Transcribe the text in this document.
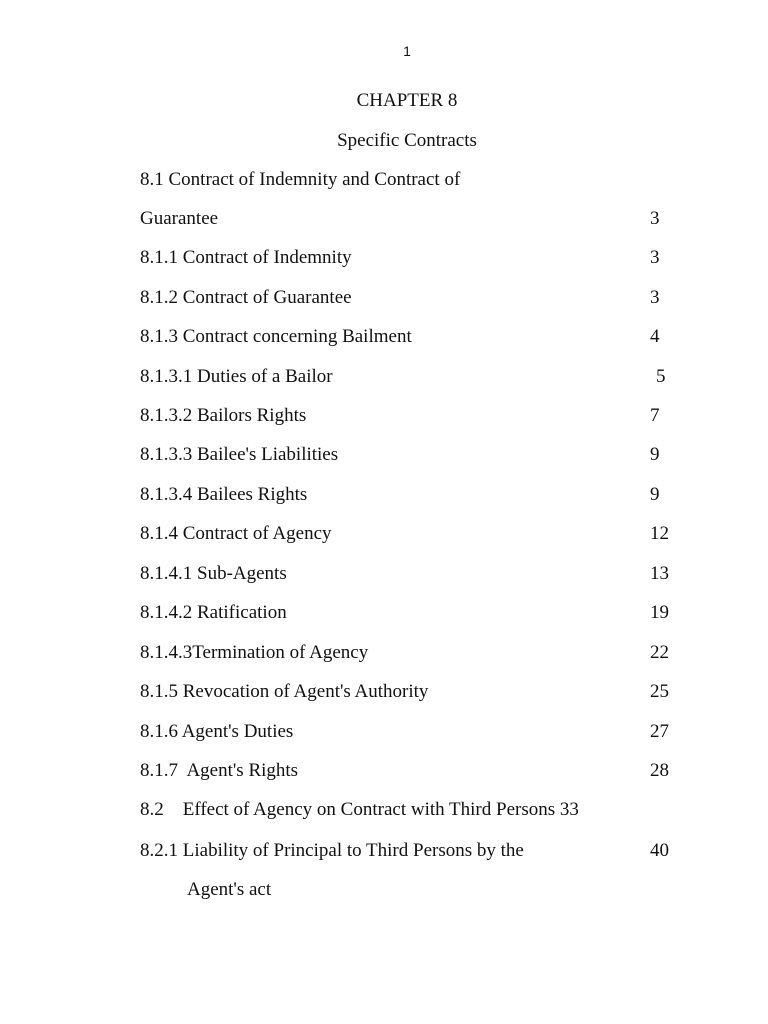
1
CHAPTER 8
Specific Contracts
8.1 Contract of Indemnity and Contract of
Guarantee	3
8.1.1 Contract of Indemnity	3
8.1.2 Contract of Guarantee	3
8.1.3 Contract concerning Bailment	4
8.1.3.1 Duties of a Bailor	5
8.1.3.2 Bailors Rights	7
8.1.3.3 Bailee's Liabilities	9
8.1.3.4 Bailees Rights	9
8.1.4 Contract of Agency	12
8.1.4.1 Sub-Agents	13
8.1.4.2 Ratification	19
8.1.4.3Termination of Agency	22
8.1.5 Revocation of Agent's Authority	25
8.1.6 Agent's Duties	27
8.1.7  Agent's Rights	28
8.2    Effect of Agency on Contract with Third Persons 33
8.2.1 Liability of Principal to Third Persons by the	40
Agent's act
